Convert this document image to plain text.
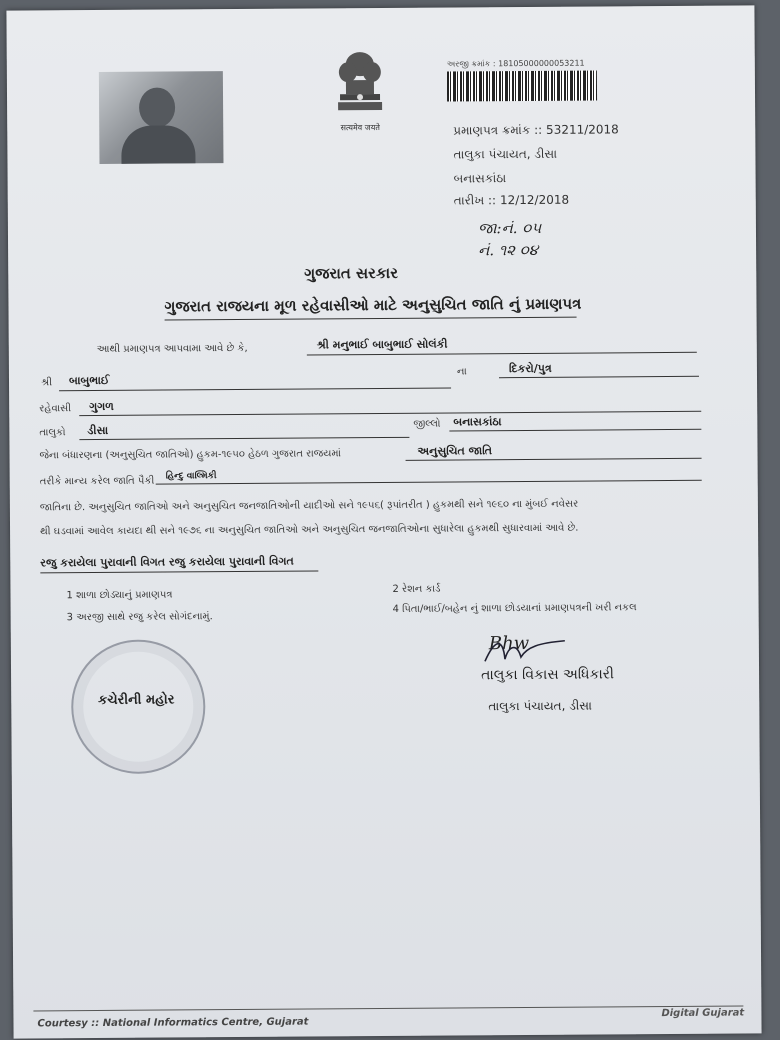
सत्यमेव जयते
અરજી ક્રમાંક : 18105000000053211
પ્રમાણપત્ર ક્રમાંક :: 53211/2018
તાલુકા પંચાયત, ડીસા
બનાસકાંઠા
તારીખ :: 12/12/2018
જા:નં. ૦૫
નં. ૧૨ ૦૪
ગુજરાત સરકાર
ગુજરાત રાજયના મૂળ રહેવાસીઓ માટે અનુસુચિત જાતિ નું પ્રમાણપત્ર
આથી પ્રમાણપત્ર આપવામા આવે છે કે,	શ્રી મનુભાઈ બાબુભાઈ સોલંકી
શ્રી બાબુભાઈ
ના	દિકરો/પુત્ર
રહેવાસી ગુગળ
તાલુકો ડીસા	જીલ્લો બનાસકાંઠા
જેના બંધારણના (અનુસુચિત જાતિઓ) હુકમ-૧૯૫૦ હેઠળ ગુજરાત રાજયમાં	અનુસુચિત જાતિ
તરીકે માન્ય કરેલ જાતિ પૈકી હિન્દુ વાલ્મિકી
જાતિના છે. અનુસુચિત જાતિઓ અને અનુસુચિત જનજાતિઓની યાદીઓ સને ૧૯૫૬( રૂપાંતરીત ) હુકમથી સને ૧૯૬૦ ના મુંબઈ નવેસર
થી ઘડવામાં આવેલ કાયદા થી સને ૧૯૭૬ ના અનુસુચિત જાતિઓ અને અનુસુચિત જનજાતિઓના સુધારેલા હુકમથી સુધારવામાં આવે છે.
રજુ કરાયેલા પુરાવાની વિગત રજુ કરાયેલા પુરાવાની વિગત
1 શાળા છોડ્યાનું પ્રમાણપત્ર
2 રેશન કાર્ડ
3 અરજી સાથે રજુ કરેલ સોગંદનામું.
4 પિતા/ભાઈ/બહેન નું શાળા છોડયાનાં પ્રમાણપત્રની ખરી નકલ
કચેરીની મહોર
Bhw
તાલુકા વિકાસ અધિકારી
તાલુકા પંચાયત, ડીસા
Courtesy :: National Informatics Centre, Gujarat
Digital Gujarat
